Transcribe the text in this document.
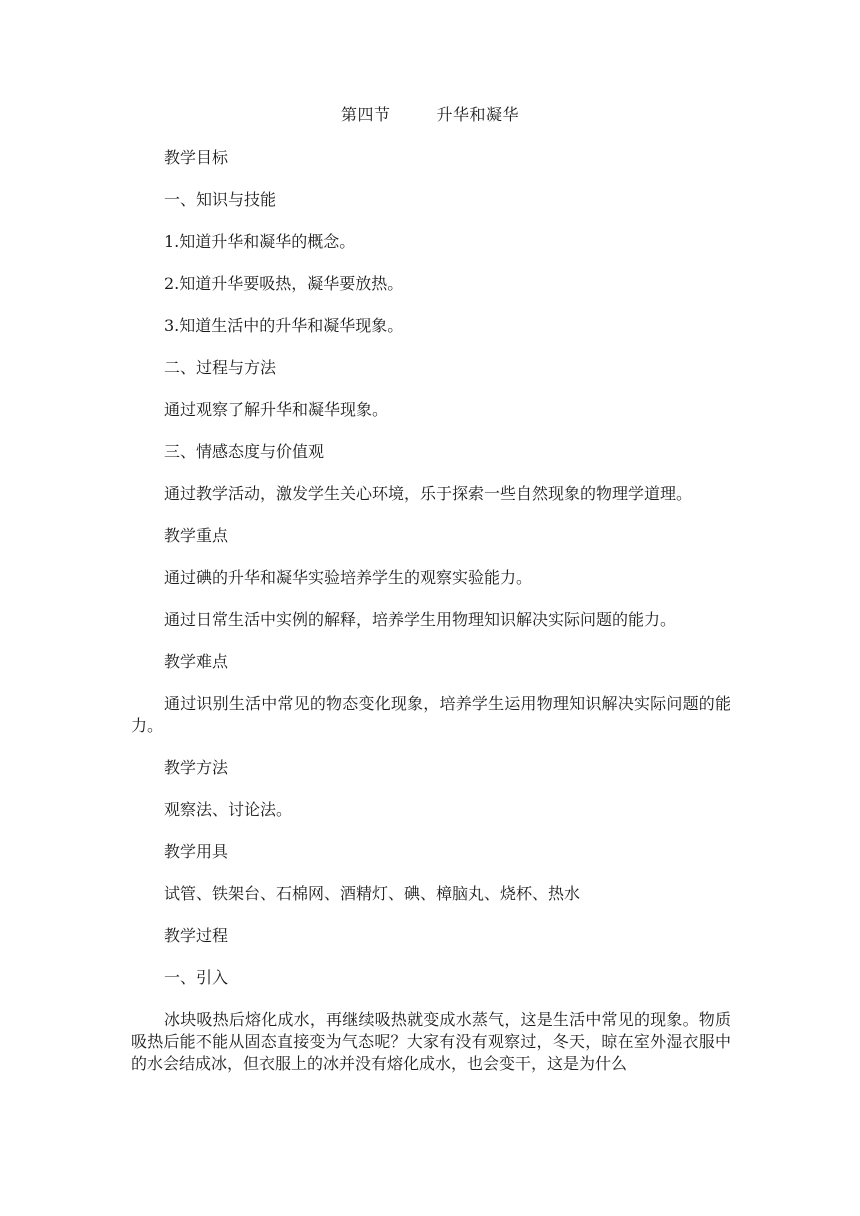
第四节	升华和凝华

教学目标

一、知识与技能

1.知道升华和凝华的概念。

2.知道升华要吸热，凝华要放热。

3.知道生活中的升华和凝华现象。

二、过程与方法

通过观察了解升华和凝华现象。

三、情感态度与价值观

通过教学活动，激发学生关心环境，乐于探索一些自然现象的物理学道理。

教学重点

通过碘的升华和凝华实验培养学生的观察实验能力。

通过日常生活中实例的解释，培养学生用物理知识解决实际问题的能力。

教学难点

通过识别生活中常见的物态变化现象，培养学生运用物理知识解决实际问题的能力。

教学方法

观察法、讨论法。

教学用具

试管、铁架台、石棉网、酒精灯、碘、樟脑丸、烧杯、热水

教学过程

一、引入

冰块吸热后熔化成水，再继续吸热就变成水蒸气，这是生活中常见的现象。物质吸热后能不能从固态直接变为气态呢？大家有没有观察过，冬天，晾在室外湿衣服中的水会结成冰，但衣服上的冰并没有熔化成水，也会变干，这是为什么
